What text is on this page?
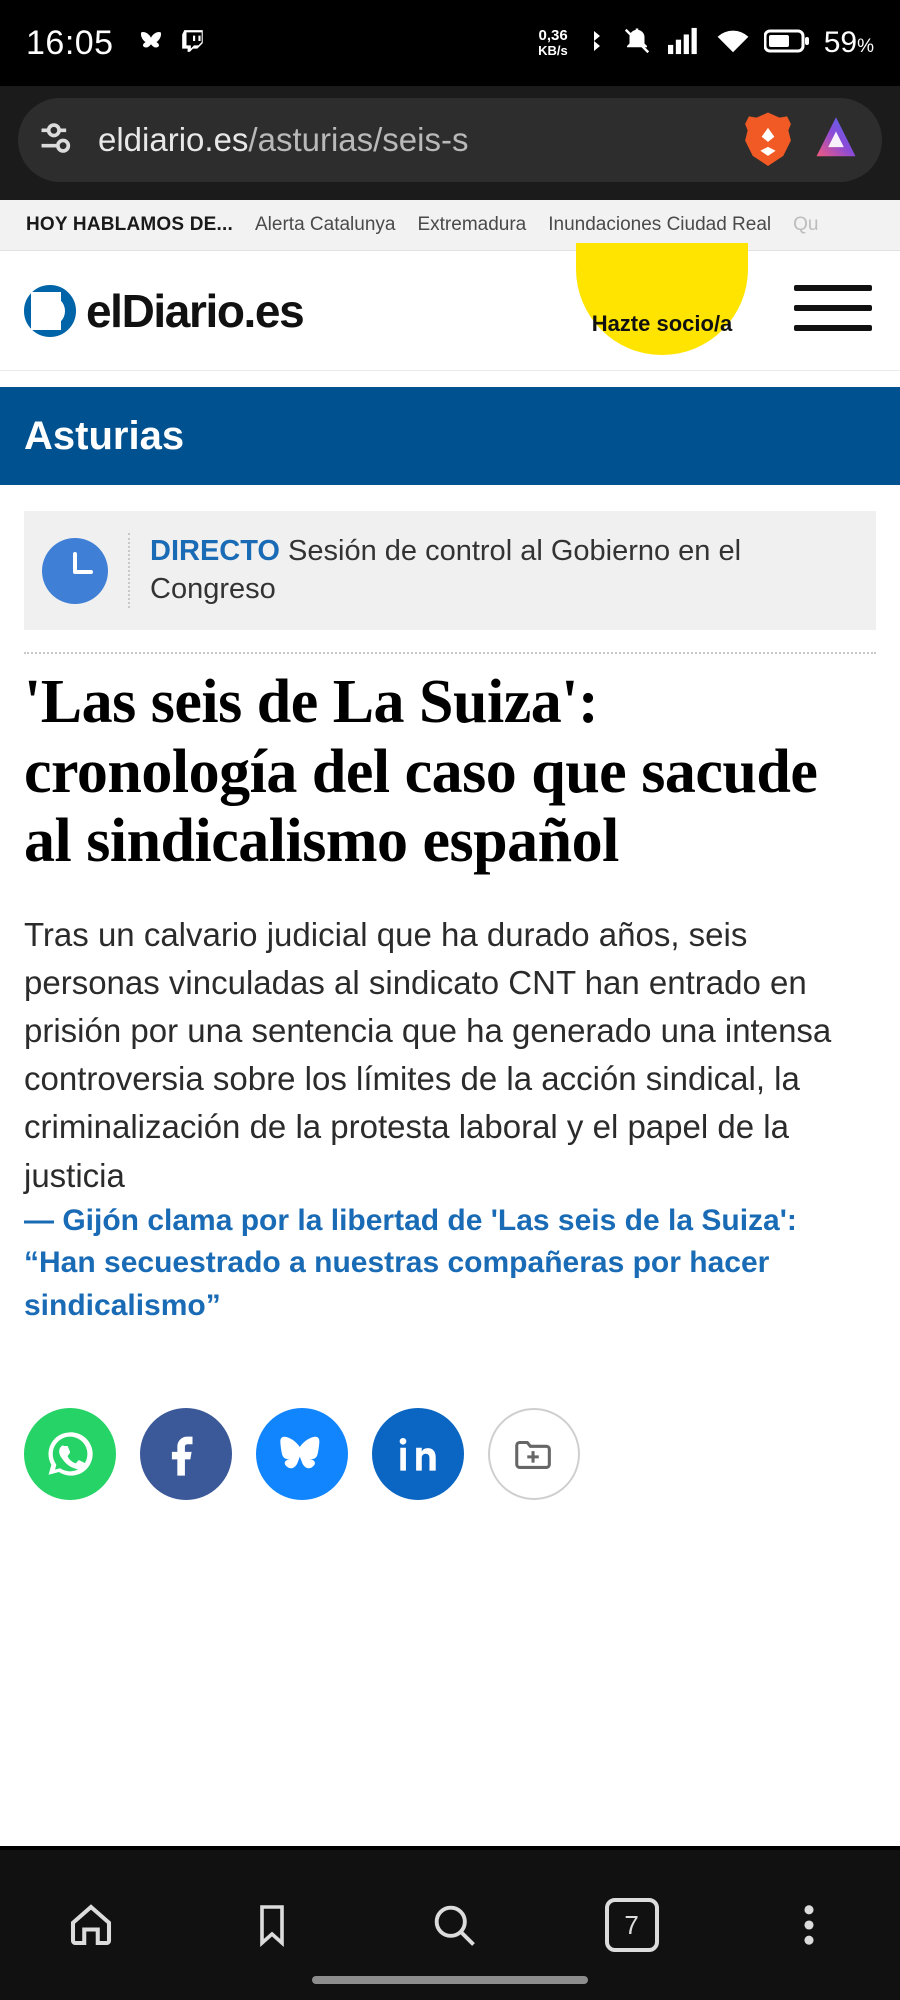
16:05	0,36
KB/s	59%
eldiario.es/asturias/seis-s
HOY HABLAMOS DE... Alerta Catalunya Extremadura Inundaciones Ciudad Real Qu
elDiario.es	Hazte socio/a
Asturias
DIRECTO Sesión de control al Gobierno en el Congreso
'Las seis de La Suiza': cronología del caso que sacude al sindicalismo español

Tras un calvario judicial que ha durado años, seis personas vinculadas al sindicato CNT han entrado en prisión por una sentencia que ha generado una intensa controversia sobre los límites de la acción sindical, la criminalización de la protesta laboral y el papel de la justicia

— Gijón clama por la libertad de 'Las seis de la Suiza': “Han secuestrado a nuestras compañeras por hacer sindicalismo”
7
